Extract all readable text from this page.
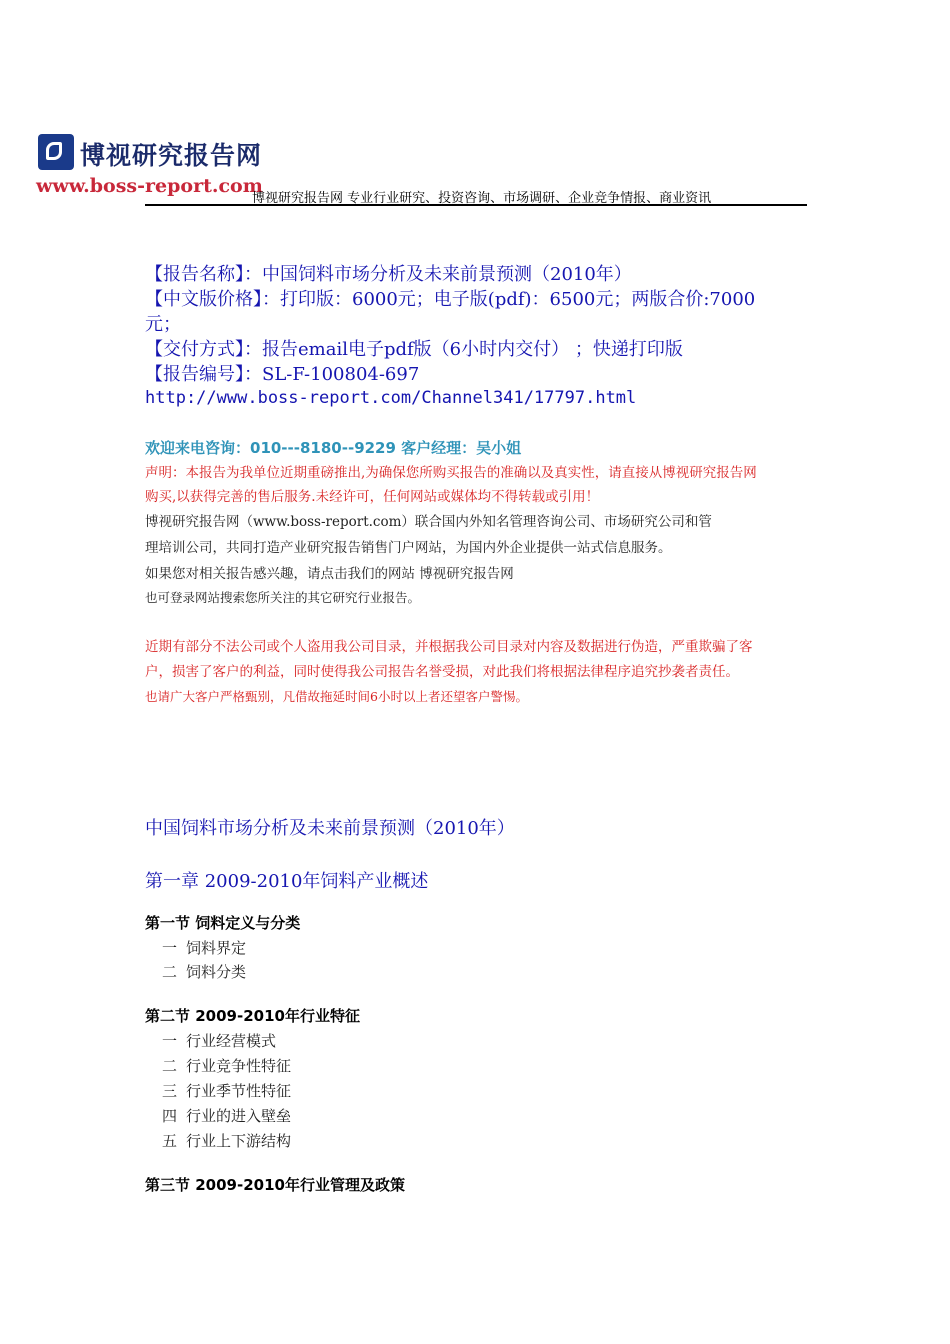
博视研究报告网
www.boss-report.com
博视研究报告网 专业行业研究、投资咨询、市场调研、企业竞争情报、商业资讯
【报告名称】：中国饲料市场分析及未来前景预测（2010年）
【中文版价格】：打印版：6000元；电子版(pdf)：6500元；两版合价:7000
元；
【交付方式】：报告email电子pdf版（6小时内交付） ；快递打印版
【报告编号】：SL-F-100804-697
http://www.boss-report.com/Channel341/17797.html
欢迎来电咨询：010---8180--9229 客户经理：吴小姐
声明：本报告为我单位近期重磅推出,为确保您所购买报告的准确以及真实性，请直接从博视研究报告网
购买,以获得完善的售后服务.未经许可，任何网站或媒体均不得转载或引用！
博视研究报告网（www.boss-report.com）联合国内外知名管理咨询公司、市场研究公司和管
理培训公司，共同打造产业研究报告销售门户网站，为国内外企业提供一站式信息服务。
如果您对相关报告感兴趣，请点击我们的网站 博视研究报告网
也可登录网站搜索您所关注的其它研究行业报告。
近期有部分不法公司或个人盗用我公司目录，并根据我公司目录对内容及数据进行伪造，严重欺骗了客
户，损害了客户的利益，同时使得我公司报告名誉受损，对此我们将根据法律程序追究抄袭者责任。
也请广大客户严格甄别，凡借故拖延时间6小时以上者还望客户警惕。
中国饲料市场分析及未来前景预测（2010年）
第一章 2009-2010年饲料产业概述
第一节 饲料定义与分类
一 饲料界定
二 饲料分类
第二节 2009-2010年行业特征
一 行业经营模式
二 行业竞争性特征
三 行业季节性特征
四 行业的进入壁垒
五 行业上下游结构
第三节 2009-2010年行业管理及政策
